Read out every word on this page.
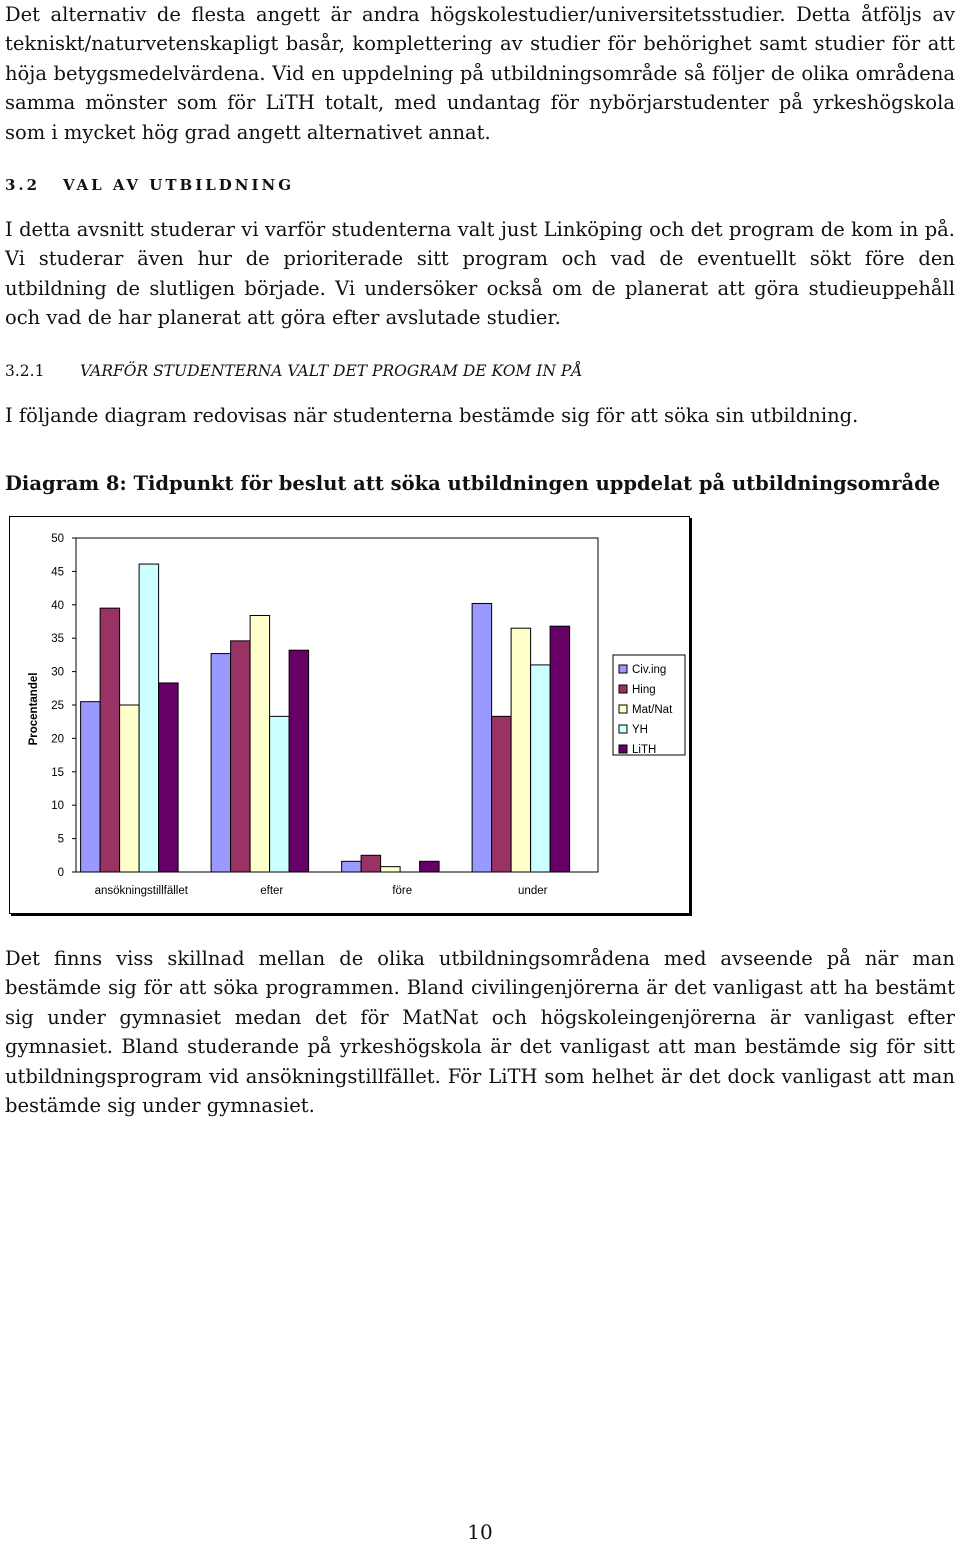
Det alternativ de flesta angett är andra högskolestudier/universitetsstudier. Detta åtföljs av tekniskt/naturvetenskapligt basår, komplettering av studier för behörighet samt studier för att höja betygsmedelvärdena. Vid en uppdelning på utbildningsområde så följer de olika områdena samma mönster som för LiTH totalt, med undantag för nybörjarstudenter på yrkeshögskola som i mycket hög grad angett alternativet annat.

3.2 VAL AV UTBILDNING

I detta avsnitt studerar vi varför studenterna valt just Linköping och det program de kom in på. Vi studerar även hur de prioriterade sitt program och vad de eventuellt sökt före den utbildning de slutligen började. Vi undersöker också om de planerat att göra studieuppehåll och vad de har planerat att göra efter avslutade studier.

3.2.1 VARFÖR STUDENTERNA VALT DET PROGRAM DE KOM IN PÅ

I följande diagram redovisas när studenterna bestämde sig för att söka sin utbildning.

Diagram 8: Tidpunkt för beslut att söka utbildningen uppdelat på utbildningsområde

0
5
10
15
20
25
30
35
40
45
50
Procentandel
ansökningstillfället	efter	före	under
Civ.ing
Hing
Mat/Nat
YH
LiTH

Det finns viss skillnad mellan de olika utbildningsområdena med avseende på när man bestämde sig för att söka programmen. Bland civilingenjörerna är det vanligast att ha bestämt sig under gymnasiet medan det för MatNat och högskoleingenjörerna är vanligast efter gymnasiet. Bland studerande på yrkeshögskola är det vanligast att man bestämde sig för sitt utbildningsprogram vid ansökningstillfället. För LiTH som helhet är det dock vanligast att man bestämde sig under gymnasiet.

10
